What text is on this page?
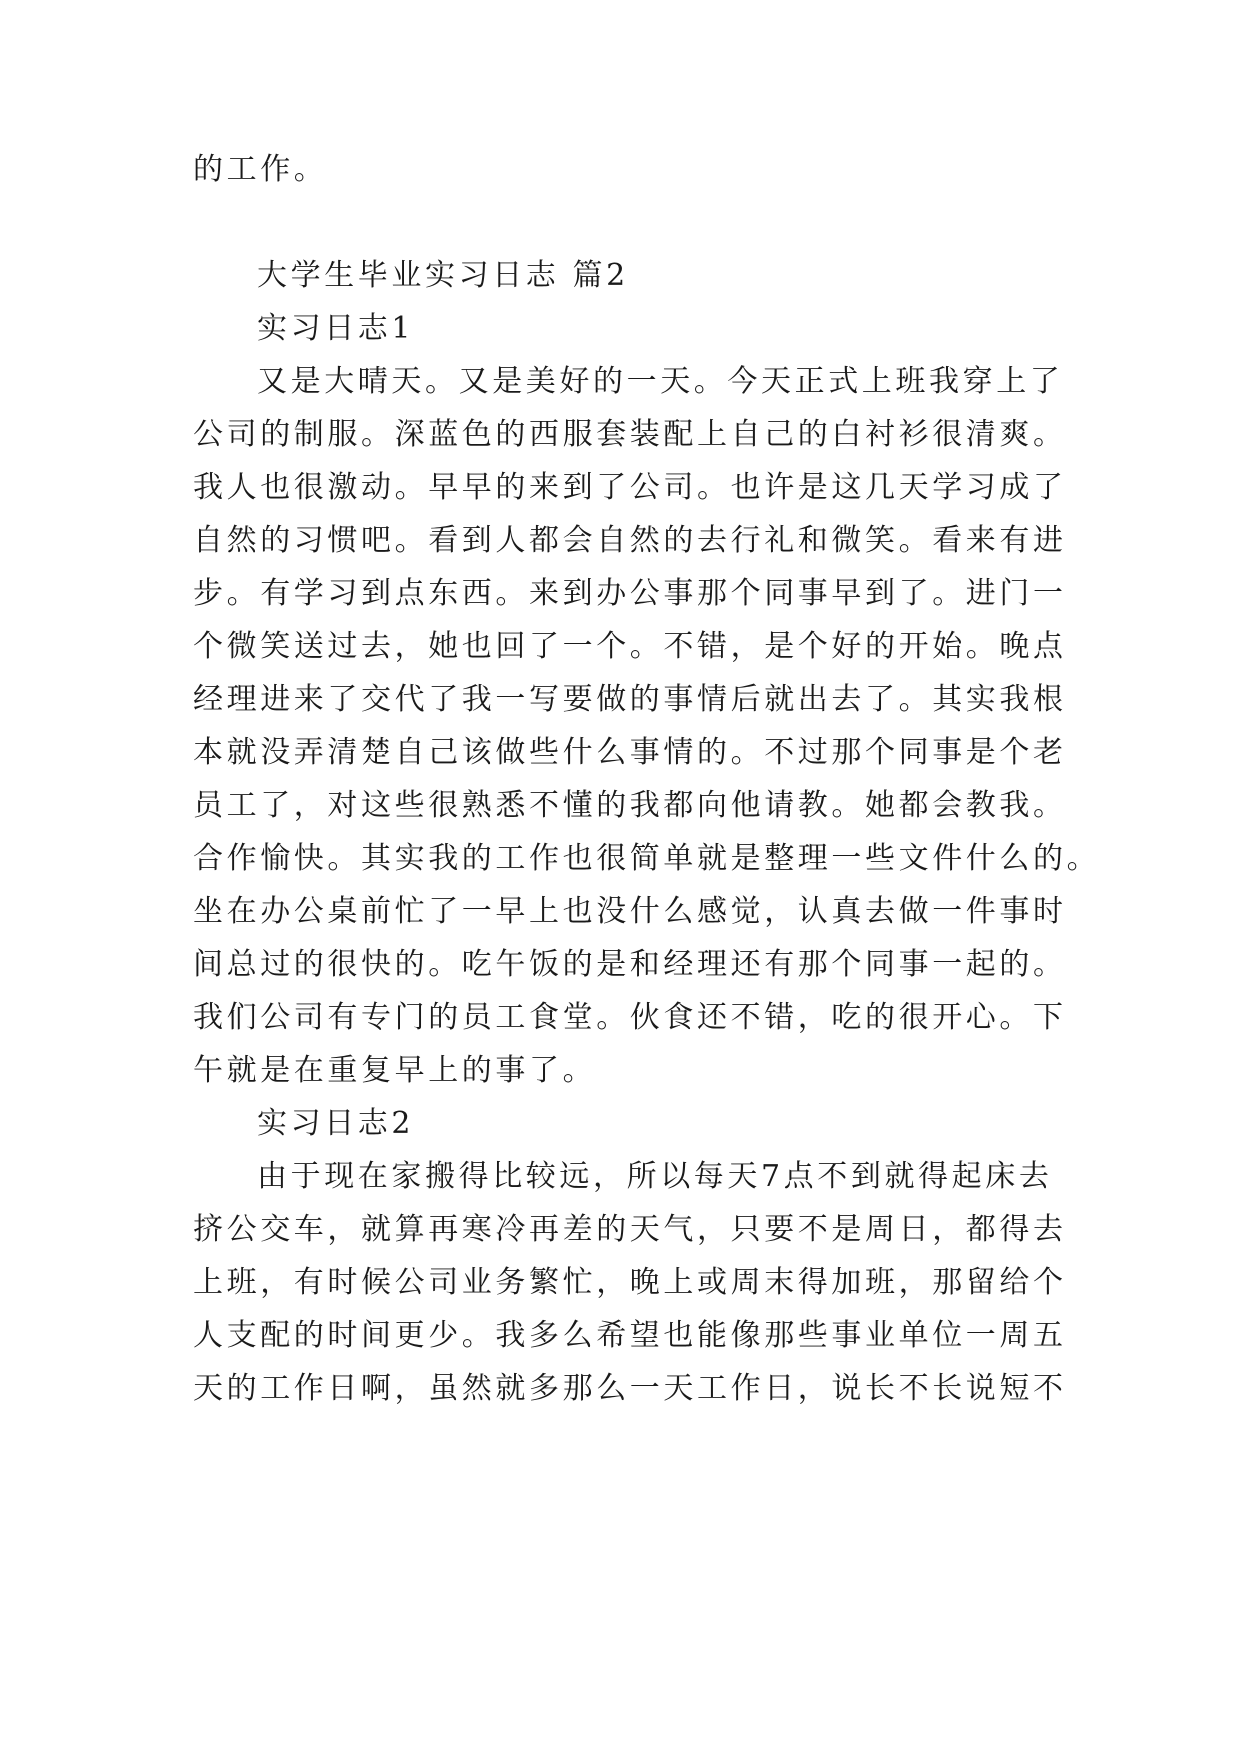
的工作。
大学生毕业实习日志 篇2
实习日志1
又是大晴天。又是美好的一天。今天正式上班我穿上了
公司的制服。深蓝色的西服套装配上自己的白衬衫很清爽。
我人也很激动。早早的来到了公司。也许是这几天学习成了
自然的习惯吧。看到人都会自然的去行礼和微笑。看来有进
步。有学习到点东西。来到办公事那个同事早到了。进门一
个微笑送过去，她也回了一个。不错，是个好的开始。晚点
经理进来了交代了我一写要做的事情后就出去了。其实我根
本就没弄清楚自己该做些什么事情的。不过那个同事是个老
员工了，对这些很熟悉不懂的我都向他请教。她都会教我。
合作愉快。其实我的工作也很简单就是整理一些文件什么的。
坐在办公桌前忙了一早上也没什么感觉，认真去做一件事时
间总过的很快的。吃午饭的是和经理还有那个同事一起的。
我们公司有专门的员工食堂。伙食还不错，吃的很开心。下
午就是在重复早上的事了。
实习日志2
由于现在家搬得比较远，所以每天7点不到就得起床去
挤公交车，就算再寒冷再差的天气，只要不是周日，都得去
上班，有时候公司业务繁忙，晚上或周末得加班，那留给个
人支配的时间更少。我多么希望也能像那些事业单位一周五
天的工作日啊，虽然就多那么一天工作日，说长不长说短不
